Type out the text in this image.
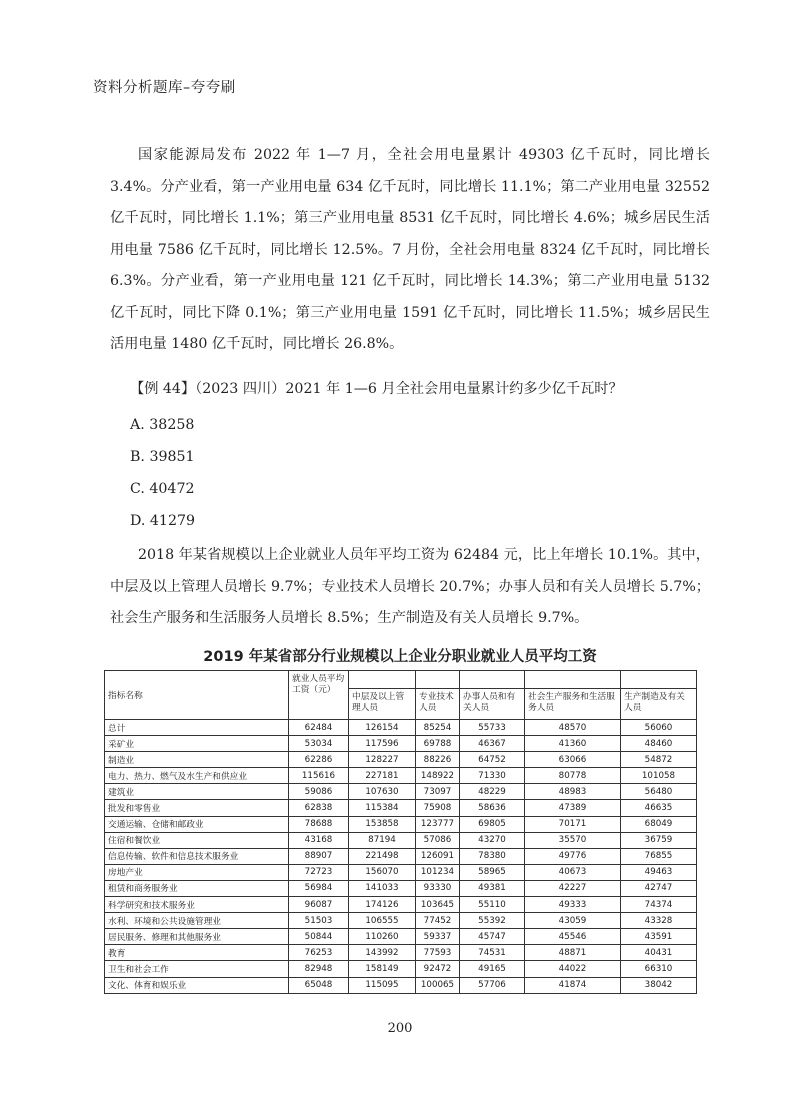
资料分析题库–夸夸刷

国家能源局发布 2022 年 1—7 月，全社会用电量累计 49303 亿千瓦时，同比增长 3.4%。分产业看，第一产业用电量 634 亿千瓦时，同比增长 11.1%；第二产业用电量 32552 亿千瓦时，同比增长 1.1%；第三产业用电量 8531 亿千瓦时，同比增长 4.6%；城乡居民生活用电量 7586 亿千瓦时，同比增长 12.5%。7 月份，全社会用电量 8324 亿千瓦时，同比增长 6.3%。分产业看，第一产业用电量 121 亿千瓦时，同比增长 14.3%；第二产业用电量 5132 亿千瓦时，同比下降 0.1%；第三产业用电量 1591 亿千瓦时，同比增长 11.5%；城乡居民生活用电量 1480 亿千瓦时，同比增长 26.8%。

【例 44】（2023 四川）2021 年 1—6 月全社会用电量累计约多少亿千瓦时？
A. 38258
B. 39851
C. 40472
D. 41279

2018 年某省规模以上企业就业人员年平均工资为 62484 元，比上年增长 10.1%。其中，中层及以上管理人员增长 9.7%；专业技术人员增长 20.7%；办事人员和有关人员增长 5.7%；社会生产服务和生活服务人员增长 8.5%；生产制造及有关人员增长 9.7%。

2019 年某省部分行业规模以上企业分职业就业人员平均工资
指标名称	就业人员平均工资（元）					
		中层及以上管理人员	专业技术人员	办事人员和有关人员	社会生产服务和生活服务人员	生产制造及有关人员
总计	62484	126154	85254	55733	48570	56060
采矿业	53034	117596	69788	46367	41360	48460
制造业	62286	128227	88226	64752	63066	54872
电力、热力、燃气及水生产和供应业	115616	227181	148922	71330	80778	101058
建筑业	59086	107630	73097	48229	48983	56480
批发和零售业	62838	115384	75908	58636	47389	46635
交通运输、仓储和邮政业	78688	153858	123777	69805	70171	68049
住宿和餐饮业	43168	87194	57086	43270	35570	36759
信息传输、软件和信息技术服务业	88907	221498	126091	78380	49776	76855
房地产业	72723	156070	101234	58965	40673	49463
租赁和商务服务业	56984	141033	93330	49381	42227	42747
科学研究和技术服务业	96087	174126	103645	55110	49333	74374
水利、环境和公共设施管理业	51503	106555	77452	55392	43059	43328
居民服务、修理和其他服务业	50844	110260	59337	45747	45546	43591
教育	76253	143992	77593	74531	48871	40431
卫生和社会工作	82948	158149	92472	49165	44022	66310
文化、体育和娱乐业	65048	115095	100065	57706	41874	38042
200
